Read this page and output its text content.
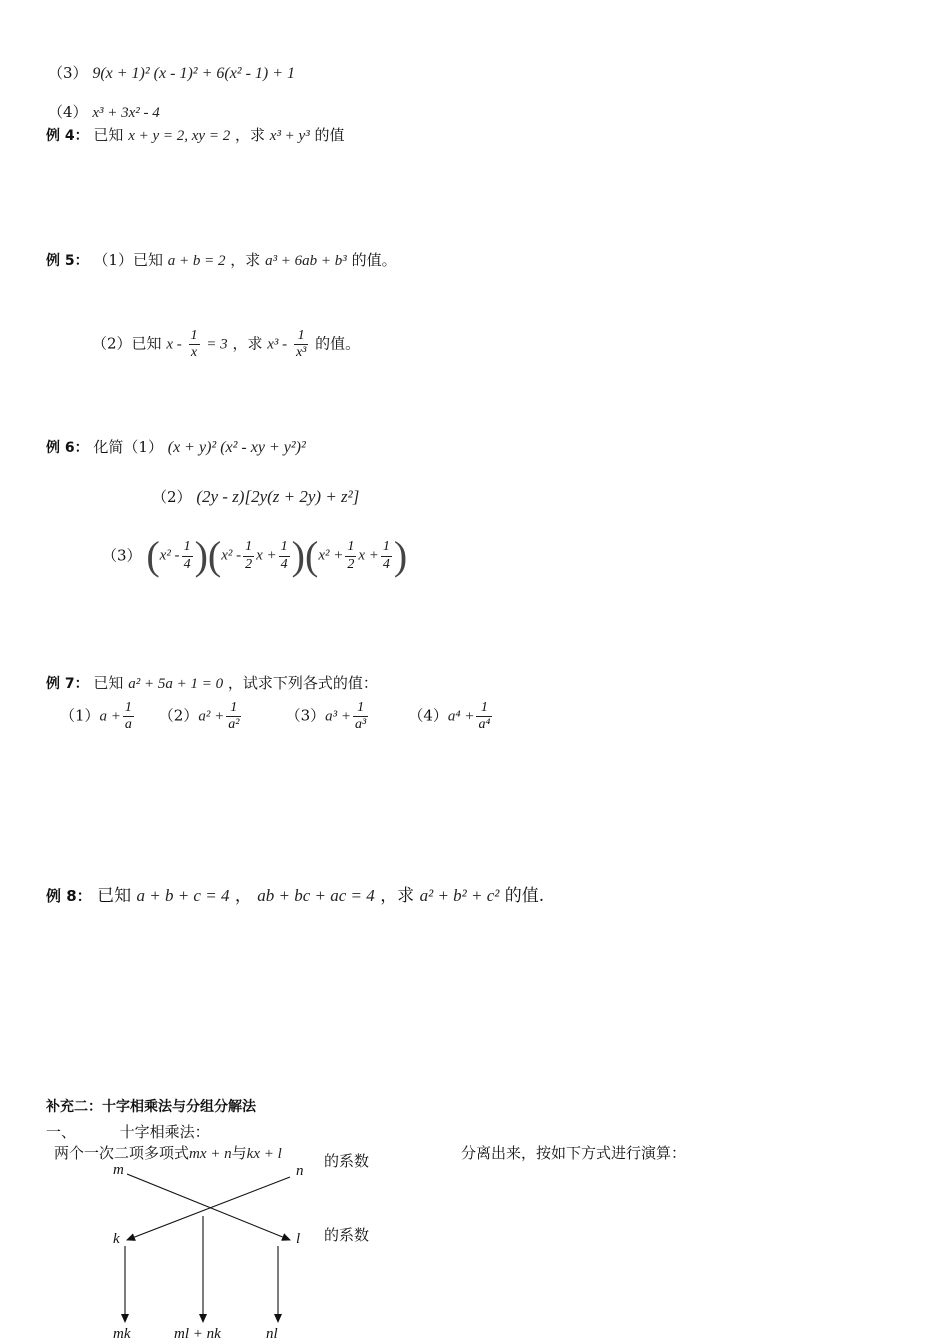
（3） 9(x + 1)² (x - 1)² + 6(x² - 1) + 1
（4） x³ + 3x² - 4
例 4： 已知 x + y = 2, xy = 2 ，求 x³ + y³ 的值
例 5： （1）已知 a + b = 2 ，求 a³ + 6ab + b³ 的值。
（2）已知 $x - \frac{1}{x} = 3$ ，求 $x^3 - \frac{1}{\text{x³}}$ 的值。
例 6： 化简（1） (x + y)² (x² - xy + y²)²
（2） (2y - z)[2y(z + 2y) + z²]
（3） $(x^2 - \frac{1}{4} )(x^2 - \frac{1}{2}$ $x + \frac{1}{4} )(x^2 + \frac{1}{2}$ $x + \frac{1}{4}$ )
例 7： 已知 a² + 5a + 1 = 0 ，试求下列各式的值：
$(1)a + \frac{1}{a} (2)a^2 + \frac{1}{\text{a²}}$	$(3)a^3 + \frac{1}{\text{a³}}$	$(4)a^4 + \frac{1}{\text{a⁴}}$
例 8： 已知 a + b + c = 4 ， ab + bc + ac = 4 ，求 a² + b² + c² 的值.
补充二：十字相乘法与分组分解法
一、	十字相乘法：
两个一次二项多项式mx + n与kx + l	的系数	分离出来，按如下方式进行演算：
的系数
m	n
k	l
mk	ml + nk	nl
